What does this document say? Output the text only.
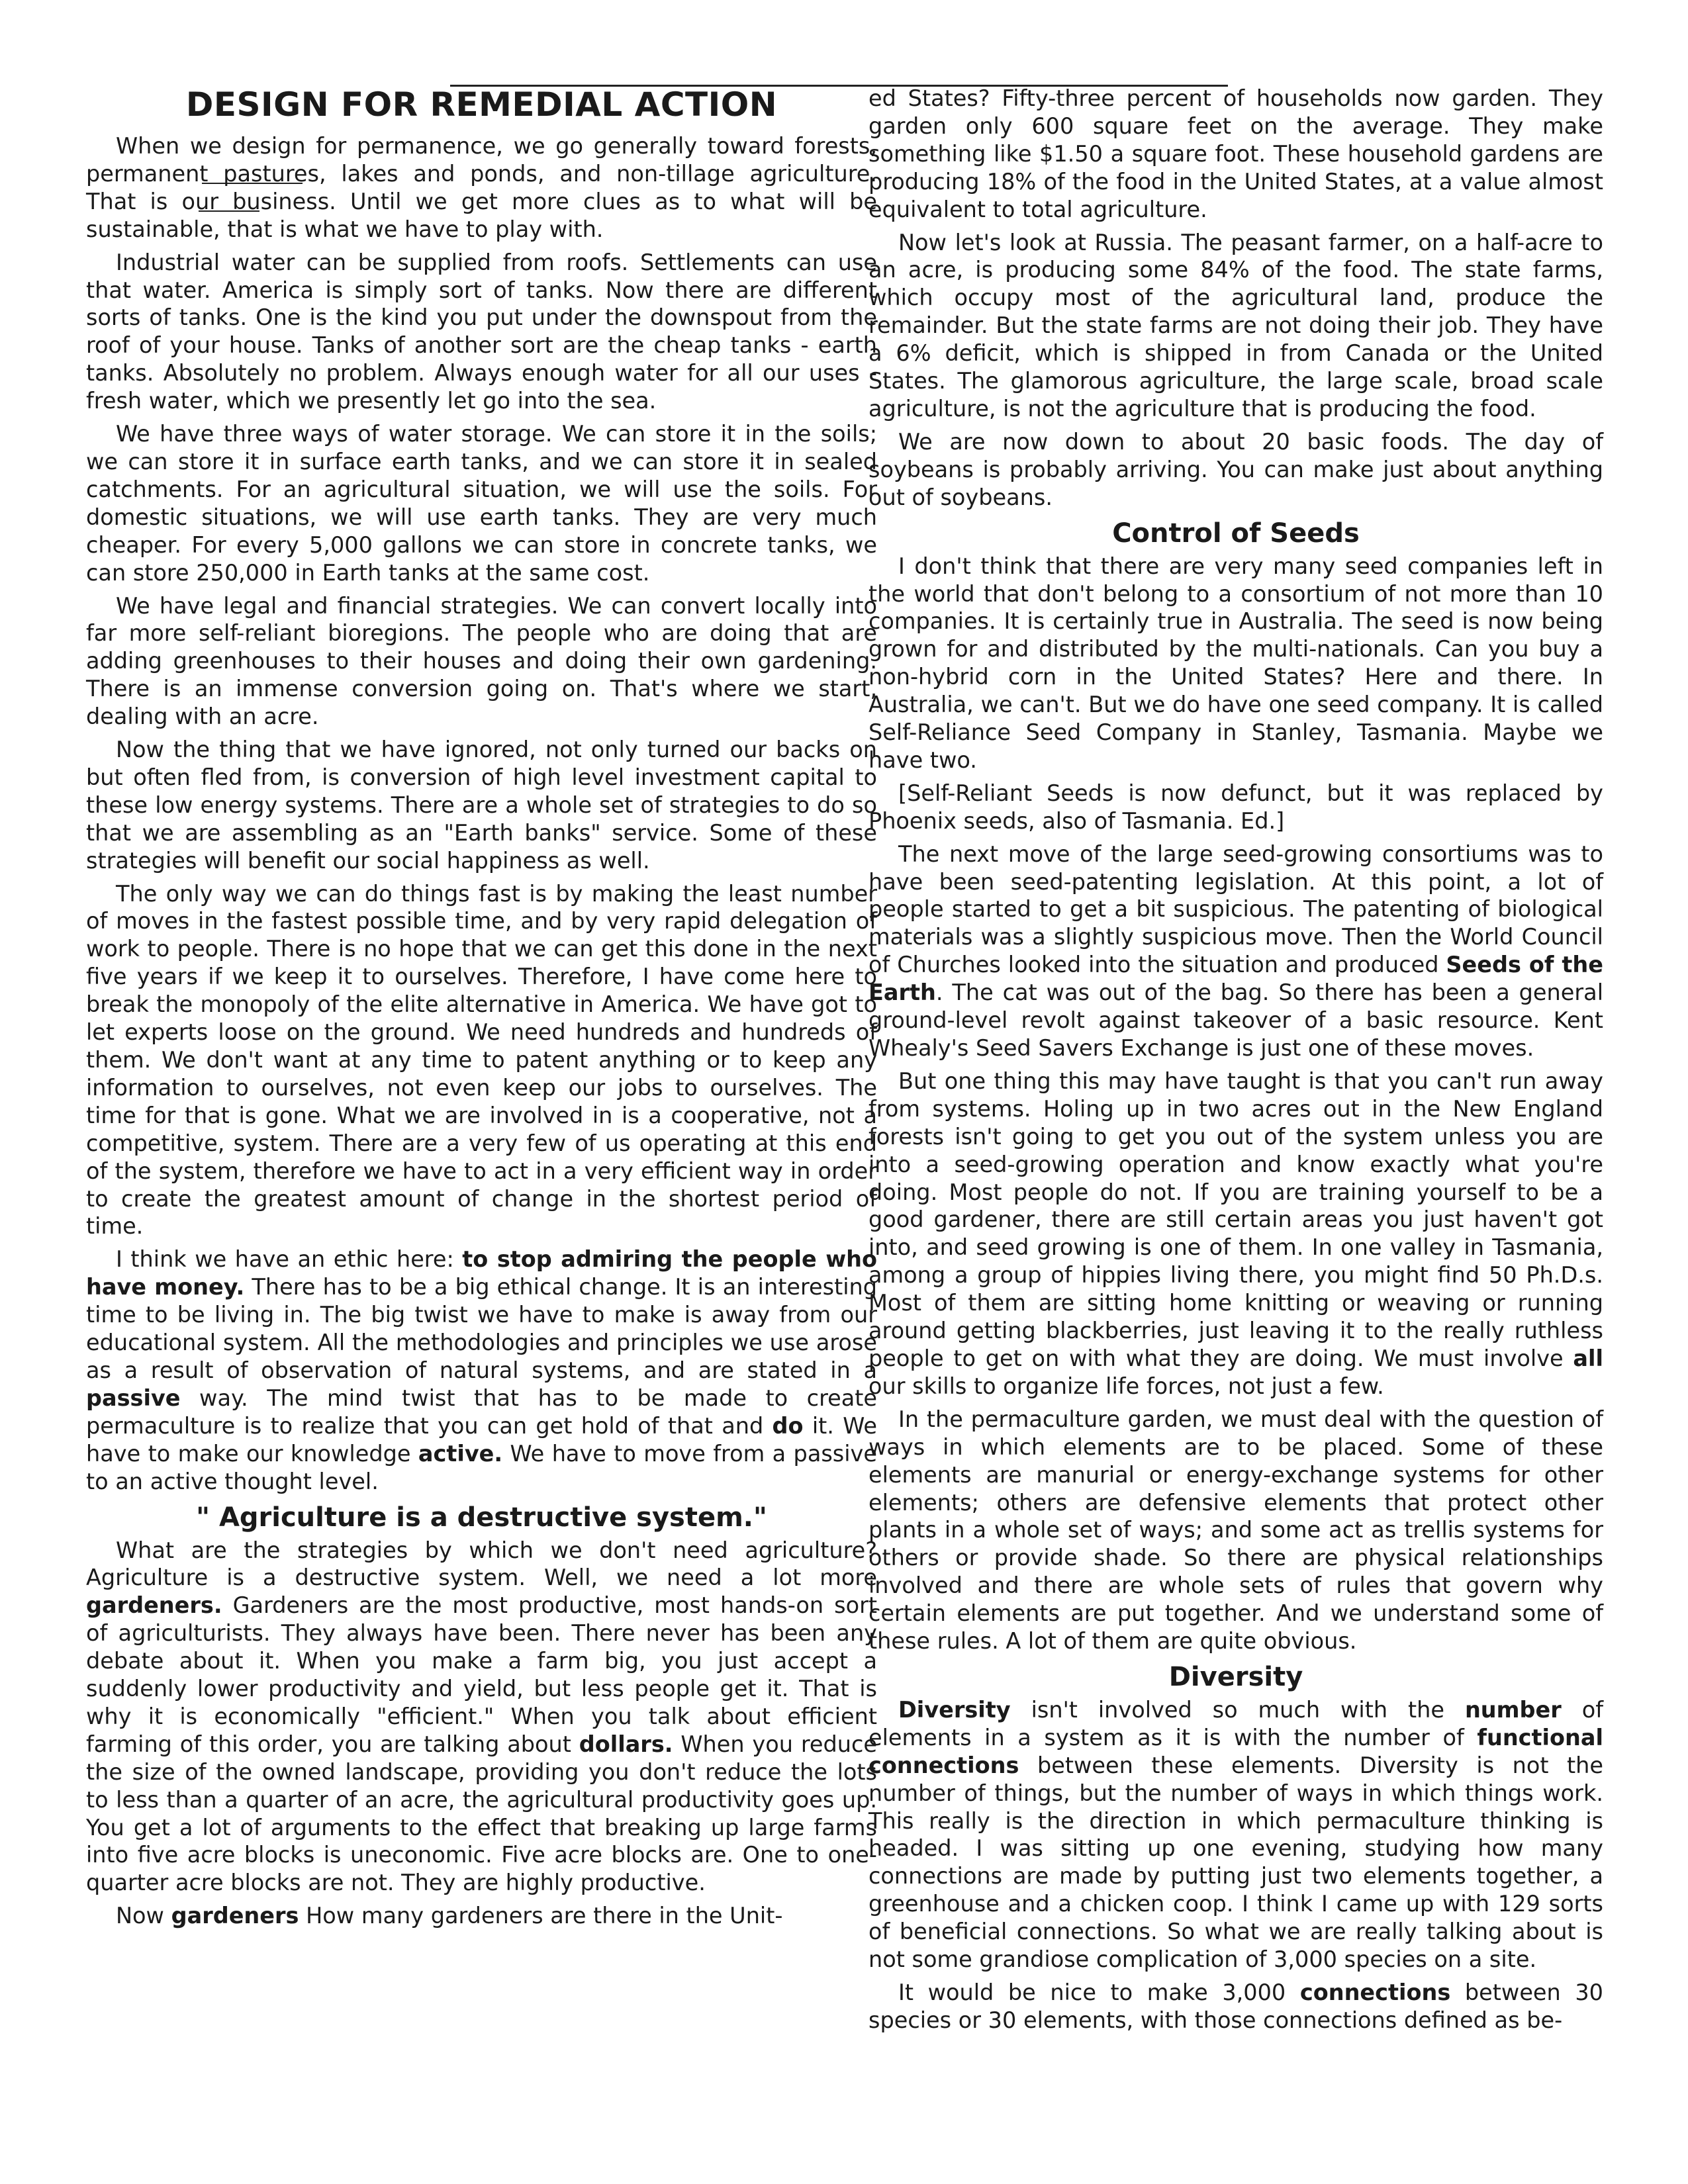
DESIGN FOR REMEDIAL ACTION

When we design for permanence, we go generally toward forests, permanent pastures, lakes and ponds, and non-tillage agriculture. That is our business. Until we get more clues as to what will be sustainable, that is what we have to play with.

Industrial water can be supplied from roofs. Settlements can use that water. America is simply sort of tanks. Now there are different sorts of tanks. One is the kind you put under the downspout from the roof of your house. Tanks of another sort are the cheap tanks - earth tanks. Absolutely no problem. Always enough water for all our uses - fresh water, which we presently let go into the sea.

We have three ways of water storage. We can store it in the soils; we can store it in surface earth tanks, and we can store it in sealed catchments. For an agricultural situation, we will use the soils. For domestic situations, we will use earth tanks. They are very much cheaper. For every 5,000 gallons we can store in concrete tanks, we can store 250,000 in Earth tanks at the same cost.

We have legal and financial strategies. We can convert locally into far more self-reliant bioregions. The people who are doing that are adding greenhouses to their houses and doing their own gardening. There is an immense conversion going on. That's where we start, dealing with an acre.

Now the thing that we have ignored, not only turned our backs on but often fled from, is conversion of high level investment capital to these low energy systems. There are a whole set of strategies to do so that we are assembling as an "Earth banks" service. Some of these strategies will benefit our social happiness as well.

The only way we can do things fast is by making the least number of moves in the fastest possible time, and by very rapid delegation of work to people. There is no hope that we can get this done in the next five years if we keep it to ourselves. Therefore, I have come here to break the monopoly of the elite alternative in America. We have got to let experts loose on the ground. We need hundreds and hundreds of them. We don't want at any time to patent anything or to keep any information to ourselves, not even keep our jobs to ourselves. The time for that is gone. What we are involved in is a cooperative, not a competitive, system. There are a very few of us operating at this end of the system, therefore we have to act in a very efficient way in order to create the greatest amount of change in the shortest period of time.

I think we have an ethic here: to stop admiring the people who have money. There has to be a big ethical change. It is an interesting time to be living in. The big twist we have to make is away from our educational system. All the methodologies and principles we use arose as a result of observation of natural systems, and are stated in a passive way. The mind twist that has to be made to create permaculture is to realize that you can get hold of that and do it. We have to make our knowledge active. We have to move from a passive to an active thought level.

" Agriculture is a destructive system."

What are the strategies by which we don't need agriculture? Agriculture is a destructive system. Well, we need a lot more gardeners. Gardeners are the most productive, most hands-on sort of agriculturists. They always have been. There never has been any debate about it. When you make a farm big, you just accept a suddenly lower productivity and yield, but less people get it. That is why it is economically "efficient." When you talk about efficient farming of this order, you are talking about dollars. When you reduce the size of the owned landscape, providing you don't reduce the lots to less than a quarter of an acre, the agricultural productivity goes up. You get a lot of arguments to the effect that breaking up large farms into five acre blocks is uneconomic. Five acre blocks are. One to one-quarter acre blocks are not. They are highly productive.

Now gardeners How many gardeners are there in the Unit-

ed States? Fifty-three percent of households now garden. They garden only 600 square feet on the average. They make something like $1.50 a square foot. These household gardens are producing 18% of the food in the United States, at a value almost equivalent to total agriculture.

Now let's look at Russia. The peasant farmer, on a half-acre to an acre, is producing some 84% of the food. The state farms, which occupy most of the agricultural land, produce the remainder. But the state farms are not doing their job. They have a 6% deficit, which is shipped in from Canada or the United States. The glamorous agriculture, the large scale, broad scale agriculture, is not the agriculture that is producing the food.

We are now down to about 20 basic foods. The day of soybeans is probably arriving. You can make just about anything out of soybeans.

Control of Seeds

I don't think that there are very many seed companies left in the world that don't belong to a consortium of not more than 10 companies. It is certainly true in Australia. The seed is now being grown for and distributed by the multi-nationals. Can you buy a non-hybrid corn in the United States? Here and there. In Australia, we can't. But we do have one seed company. It is called Self-Reliance Seed Company in Stanley, Tasmania. Maybe we have two.

[Self-Reliant Seeds is now defunct, but it was replaced by Phoenix seeds, also of Tasmania. Ed.]

The next move of the large seed-growing consortiums was to have been seed-patenting legislation. At this point, a lot of people started to get a bit suspicious. The patenting of biological materials was a slightly suspicious move. Then the World Council of Churches looked into the situation and produced Seeds of the Earth. The cat was out of the bag. So there has been a general ground-level revolt against takeover of a basic resource. Kent Whealy's Seed Savers Exchange is just one of these moves.

But one thing this may have taught is that you can't run away from systems. Holing up in two acres out in the New England forests isn't going to get you out of the system unless you are into a seed-growing operation and know exactly what you're doing. Most people do not. If you are training yourself to be a good gardener, there are still certain areas you just haven't got into, and seed growing is one of them. In one valley in Tasmania, among a group of hippies living there, you might find 50 Ph.D.s. Most of them are sitting home knitting or weaving or running around getting blackberries, just leaving it to the really ruthless people to get on with what they are doing. We must involve all our skills to organize life forces, not just a few.

In the permaculture garden, we must deal with the question of ways in which elements are to be placed. Some of these elements are manurial or energy-exchange systems for other elements; others are defensive elements that protect other plants in a whole set of ways; and some act as trellis systems for others or provide shade. So there are physical relationships involved and there are whole sets of rules that govern why certain elements are put together. And we understand some of these rules. A lot of them are quite obvious.

Diversity

Diversity isn't involved so much with the number of elements in a system as it is with the number of functional connections between these elements. Diversity is not the number of things, but the number of ways in which things work. This really is the direction in which permaculture thinking is headed. I was sitting up one evening, studying how many connections are made by putting just two elements together, a greenhouse and a chicken coop. I think I came up with 129 sorts of beneficial connections. So what we are really talking about is not some grandiose complication of 3,000 species on a site.

It would be nice to make 3,000 connections between 30 species or 30 elements, with those connections defined as be-
